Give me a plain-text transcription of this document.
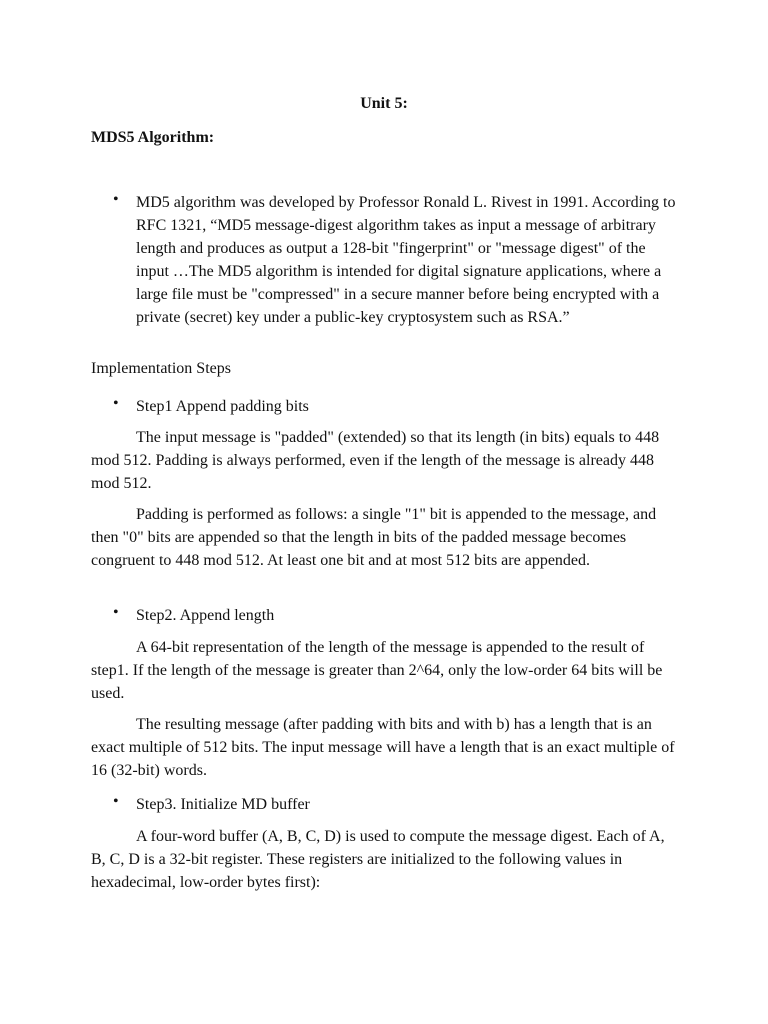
Unit 5:
MDS5 Algorithm:
• MD5 algorithm was developed by Professor Ronald L. Rivest in 1991. According to RFC 1321, “MD5 message-digest algorithm takes as input a message of arbitrary length and produces as output a 128-bit "fingerprint" or "message digest" of the input …The MD5 algorithm is intended for digital signature applications, where a large file must be "compressed" in a secure manner before being encrypted with a private (secret) key under a public-key cryptosystem such as RSA.”
Implementation Steps
• Step1 Append padding bits
The input message is "padded" (extended) so that its length (in bits) equals to 448 mod 512. Padding is always performed, even if the length of the message is already 448 mod 512.
Padding is performed as follows: a single "1" bit is appended to the message, and then "0" bits are appended so that the length in bits of the padded message becomes congruent to 448 mod 512. At least one bit and at most 512 bits are appended.
• Step2. Append length
A 64-bit representation of the length of the message is appended to the result of step1. If the length of the message is greater than 2^64, only the low-order 64 bits will be used.
The resulting message (after padding with bits and with b) has a length that is an exact multiple of 512 bits. The input message will have a length that is an exact multiple of 16 (32-bit) words.
• Step3. Initialize MD buffer
A four-word buffer (A, B, C, D) is used to compute the message digest. Each of A, B, C, D is a 32-bit register. These registers are initialized to the following values in hexadecimal, low-order bytes first):
